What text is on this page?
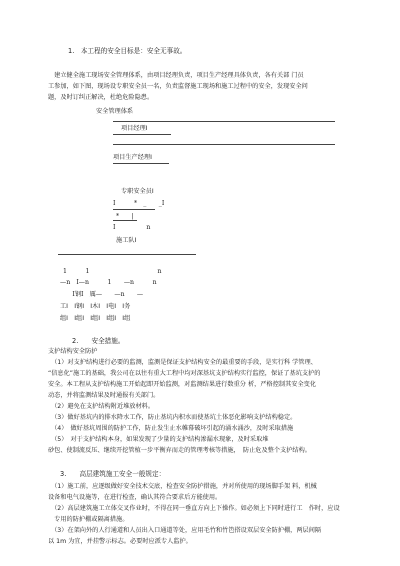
1.　本工程的安全目标是：安全无事故。
　建立健全施工现场安全管理体系，由项目经理负责，项目生产经理具体负责，各有关部 门员
工参加，如下图，现场设专职安全员一名，负责监督施工现场和施工过程中的安全，发现安全问
题，及时订纠正解决，杜绝危险隐患。
安全管理体系
项目经理Ⅰ
项目生产经理Ⅰ
专职安全员Ⅰ
Ⅰ　　　*　_　　_Ⅰ
*　　|
Ⅰ　　　　　n
施工队Ⅰ
1　　　1　　　　　　　　　　　n
—n　Ⅰ—n　　　1　　—n　　　n
　　Ⅰ钢Ⅰ　厲—　　—n　　—
工Ⅰ　Ⅰ钢Ⅰ　Ⅰ木Ⅰ　Ⅰ电Ⅰ　Ⅰ务
组Ⅰ　Ⅰ组Ⅰ　Ⅰ组Ⅰ　Ⅰ组Ⅰ　Ⅰ组
2.　　安全措施。
支护结构安全防护
　（1）对支护结构进行必要的监测，监测是保证支护结构安全的最重要的手段，是实行科 学管理、
“信息化”施工的基础，我公司在以往有重大工程中均对深基坑支护结构实行监控，保证了基坑支护的
安全。本工程从支护结构施工开始起即开始监测，对监测结果进行数重分 析，严格控制其安全变化
动态，并将监测结果及时通报有关部门。
　（2）避免在支护结构附近堆放材料。
　（3）做好基坑内的排水降水工作，防止基坑内积水而使基坑土体恶化影响支护结构稳定。
　（4）　做好基坑周围的防护工作，防止发生止水帷幕破坏引起的涌水涌沙，及时采取措施
　（5）　对于支护结构本身，如果发现了少量的支护结构渗漏水现象，及时采取堆
砂包、使制流反压、继续开挖管植一步平衡弃而走的管理考核等措施，　防止危及整个支护结构。
3.　　高层建筑施工安全一般规定：
　（1）施工前，应逐级做好安全技术交底，检查安全防护措施，并对所使用的现场脚手架 料，机械
设备和电气设施等，在进行检查，确认其符合要求后方能使用。
　（2）高层建筑施工立体交叉作业时，不得在同一垂直方向上下操作。如必须上下同时进行工　作时，应设
　专用的防护棚或隔离措施。
　（3）在架向外的人行通道和人员出入口通道等处，应用毛竹和竹笆搭设双层安全防护棚，两层间隔
以 1m 为宜，并挂警示标志。必要时应派专人监护。
